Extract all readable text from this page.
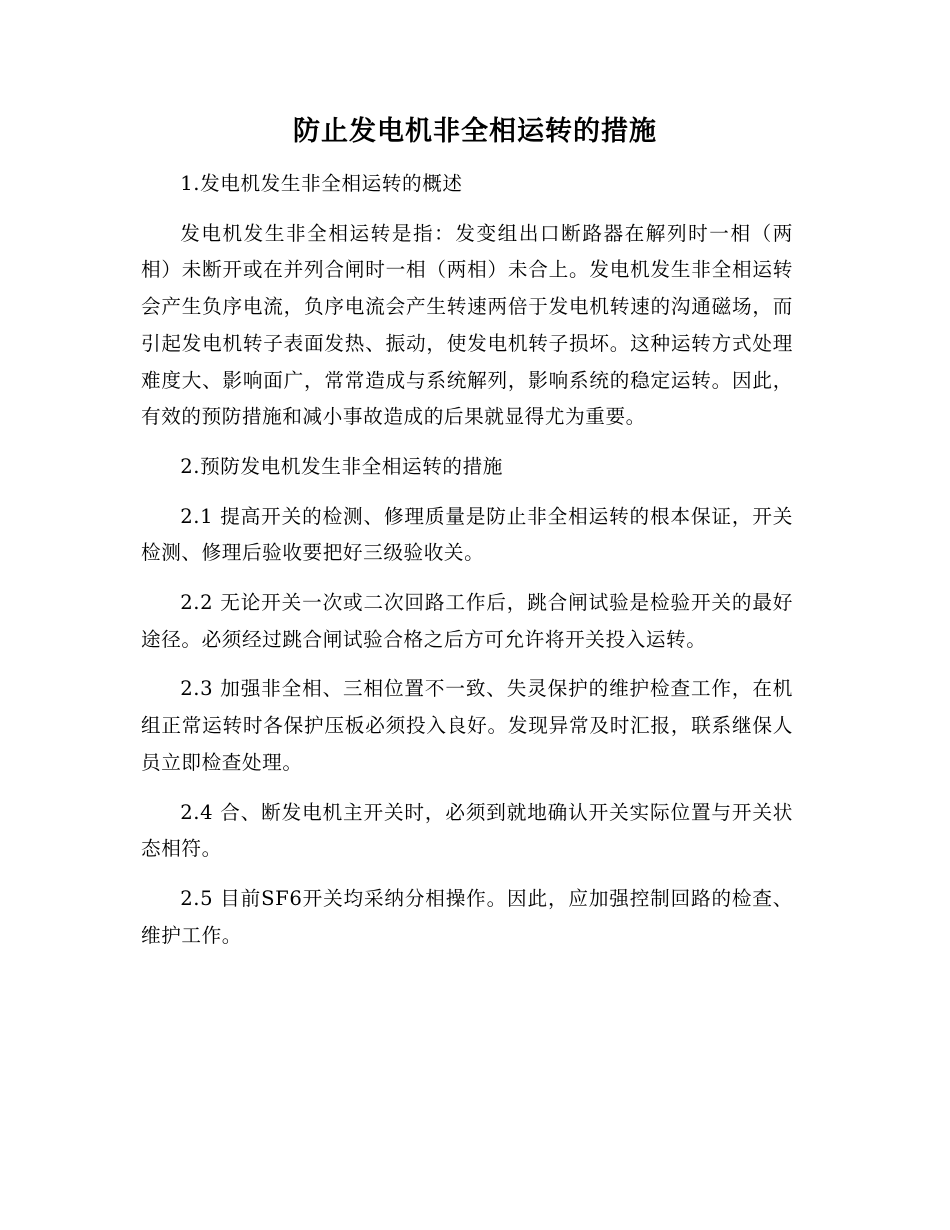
防止发电机非全相运转的措施

1.发电机发生非全相运转的概述

发电机发生非全相运转是指：发变组出口断路器在解列时一相（两相）未断开或在并列合闸时一相（两相）未合上。发电机发生非全相运转会产生负序电流，负序电流会产生转速两倍于发电机转速的沟通磁场，而引起发电机转子表面发热、振动，使发电机转子损坏。这种运转方式处理难度大、影响面广，常常造成与系统解列，影响系统的稳定运转。因此，有效的预防措施和减小事故造成的后果就显得尤为重要。

2.预防发电机发生非全相运转的措施

2.1 提高开关的检测、修理质量是防止非全相运转的根本保证，开关检测、修理后验收要把好三级验收关。

2.2 无论开关一次或二次回路工作后，跳合闸试验是检验开关的最好途径。必须经过跳合闸试验合格之后方可允许将开关投入运转。

2.3 加强非全相、三相位置不一致、失灵保护的维护检查工作，在机组正常运转时各保护压板必须投入良好。发现异常及时汇报，联系继保人员立即检查处理。

2.4 合、断发电机主开关时，必须到就地确认开关实际位置与开关状态相符。

2.5 目前SF6开关均采纳分相操作。因此，应加强控制回路的检查、维护工作。
